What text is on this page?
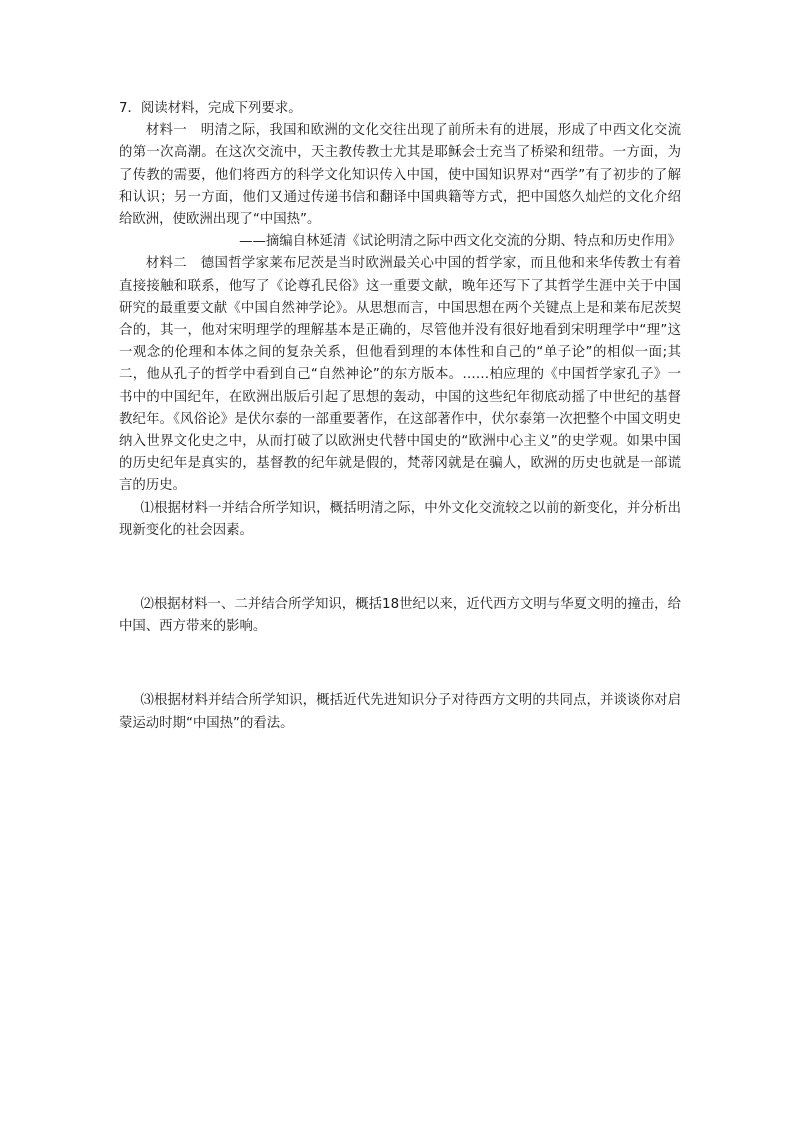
7．阅读材料，完成下列要求。

材料一　 明清之际，我国和欧洲的文化交往出现了前所未有的进展，形成了中西文化交流的第一次高潮。在这次交流中，天主教传教士尤其是耶稣会士充当了桥梁和纽带。一方面，为了传教的需要，他们将西方的科学文化知识传入中国，使中国知识界对“西学”有了初步的了解和认识；另一方面，他们又通过传递书信和翻译中国典籍等方式，把中国悠久灿烂的文化介绍给欧洲，使欧洲出现了“中国热”。

——摘编自林延清《试论明清之际中西文化交流的分期、特点和历史作用》

材料二　 德国哲学家莱布尼茨是当时欧洲最关心中国的哲学家，而且他和来华传教士有着直接接触和联系，他写了《论尊孔民俗》这一重要文献，晚年还写下了其哲学生涯中关于中国研究的最重要文献《中国自然神学论》。从思想而言，中国思想在两个关键点上是和莱布尼茨契合的，其一，他对宋明理学的理解基本是正确的，尽管他并没有很好地看到宋明理学中“理”这一观念的伦理和本体之间的复杂关系，但他看到理的本体性和自己的“单子论”的相似一面;其二，他从孔子的哲学中看到自己“自然神论”的东方版本。……柏应理的《中国哲学家孔子》一书中的中国纪年，在欧洲出版后引起了思想的轰动，中国的这些纪年彻底动摇了中世纪的基督教纪年。《风俗论》是伏尔泰的一部重要著作，在这部著作中，伏尔泰第一次把整个中国文明史纳入世界文化史之中，从而打破了以欧洲史代替中国史的“欧洲中心主义”的史学观。如果中国的历史纪年是真实的，基督教的纪年就是假的，梵蒂冈就是在骗人，欧洲的历史也就是一部谎言的历史。

⑴根据材料一并结合所学知识，概括明清之际，中外文化交流较之以前的新变化，并分析出现新变化的社会因素。

⑵根据材料一、二并结合所学知识，概括18世纪以来，近代西方文明与华夏文明的撞击，给中国、西方带来的影响。

⑶根据材料并结合所学知识，概括近代先进知识分子对待西方文明的共同点，并谈谈你对启蒙运动时期“中国热”的看法。
